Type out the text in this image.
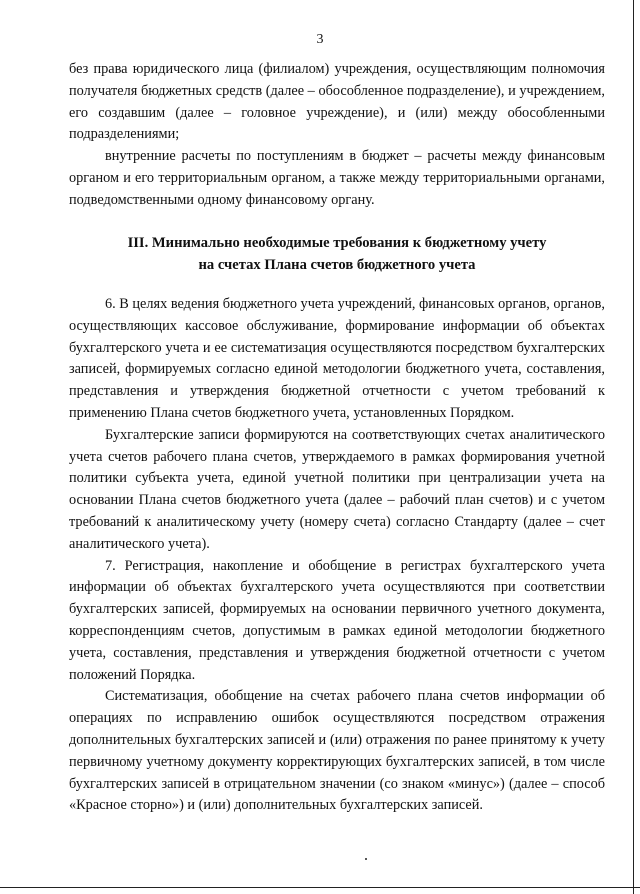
3

без права юридического лица (филиалом) учреждения, осуществляющим полномочия получателя бюджетных средств (далее – обособленное подразделение), и учреждением, его создавшим (далее – головное учреждение), и (или) между обособленными подразделениями;

внутренние расчеты по поступлениям в бюджет – расчеты между финансовым органом и его территориальным органом, а также между территориальными органами, подведомственными одному финансовому органу.

III. Минимально необходимые требования к бюджетному учету
на счетах Плана счетов бюджетного учета

6. В целях ведения бюджетного учета учреждений, финансовых органов, органов, осуществляющих кассовое обслуживание, формирование информации об объектах бухгалтерского учета и ее систематизация осуществляются посредством бухгалтерских записей, формируемых согласно единой методологии бюджетного учета, составления, представления и утверждения бюджетной отчетности с учетом требований к применению Плана счетов бюджетного учета, установленных Порядком.

Бухгалтерские записи формируются на соответствующих счетах аналитического учета счетов рабочего плана счетов, утверждаемого в рамках формирования учетной политики субъекта учета, единой учетной политики при централизации учета на основании Плана счетов бюджетного учета (далее – рабочий план счетов) и с учетом требований к аналитическому учету (номеру счета) согласно Стандарту (далее – счет аналитического учета).

7. Регистрация, накопление и обобщение в регистрах бухгалтерского учета информации об объектах бухгалтерского учета осуществляются при соответствии бухгалтерских записей, формируемых на основании первичного учетного документа, корреспонденциям счетов, допустимым в рамках единой методологии бюджетного учета, составления, представления и утверждения бюджетной отчетности с учетом положений Порядка.

Систематизация, обобщение на счетах рабочего плана счетов информации об операциях по исправлению ошибок осуществляются посредством отражения дополнительных бухгалтерских записей и (или) отражения по ранее принятому к учету первичному учетному документу корректирующих бухгалтерских записей, в том числе бухгалтерских записей в отрицательном значении (со знаком «минус») (далее – способ «Красное сторно») и (или) дополнительных бухгалтерских записей.
